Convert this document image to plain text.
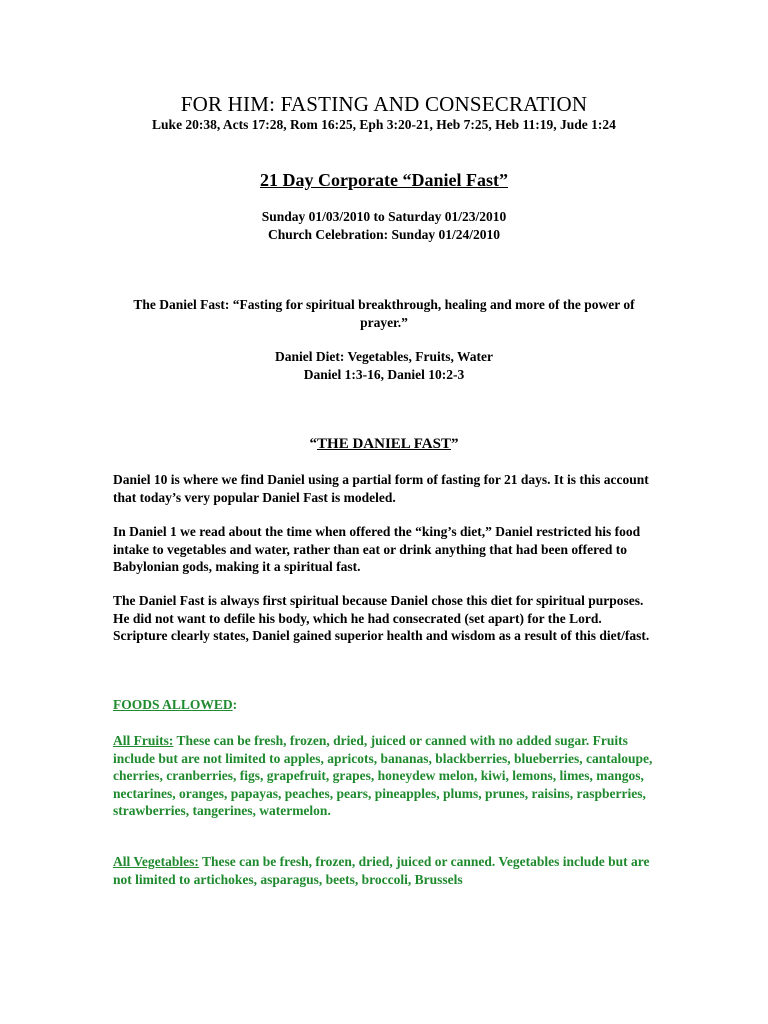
FOR HIM: FASTING AND CONSECRATION
Luke 20:38, Acts 17:28, Rom 16:25, Eph 3:20-21, Heb 7:25, Heb 11:19, Jude 1:24
21 Day Corporate “Daniel Fast”
Sunday 01/03/2010 to Saturday 01/23/2010
Church Celebration: Sunday 01/24/2010
The Daniel Fast: “Fasting for spiritual breakthrough, healing and more of the power of prayer.”
Daniel Diet: Vegetables, Fruits, Water
Daniel 1:3-16, Daniel 10:2-3
“THE DANIEL FAST”
Daniel 10 is where we find Daniel using a partial form of fasting for 21 days. It is this account that today’s very popular Daniel Fast is modeled.
In Daniel 1 we read about the time when offered the “king’s diet,” Daniel restricted his food intake to vegetables and water, rather than eat or drink anything that had been offered to Babylonian gods, making it a spiritual fast.
The Daniel Fast is always first spiritual because Daniel chose this diet for spiritual purposes. He did not want to defile his body, which he had consecrated (set apart) for the Lord. Scripture clearly states, Daniel gained superior health and wisdom as a result of this diet/fast.
FOODS ALLOWED:
All Fruits: These can be fresh, frozen, dried, juiced or canned with no added sugar. Fruits include but are not limited to apples, apricots, bananas, blackberries, blueberries, cantaloupe, cherries, cranberries, figs, grapefruit, grapes, honeydew melon, kiwi, lemons, limes, mangos, nectarines, oranges, papayas, peaches, pears, pineapples, plums, prunes, raisins, raspberries, strawberries, tangerines, watermelon.
All Vegetables: These can be fresh, frozen, dried, juiced or canned. Vegetables include but are not limited to artichokes, asparagus, beets, broccoli, Brussels
